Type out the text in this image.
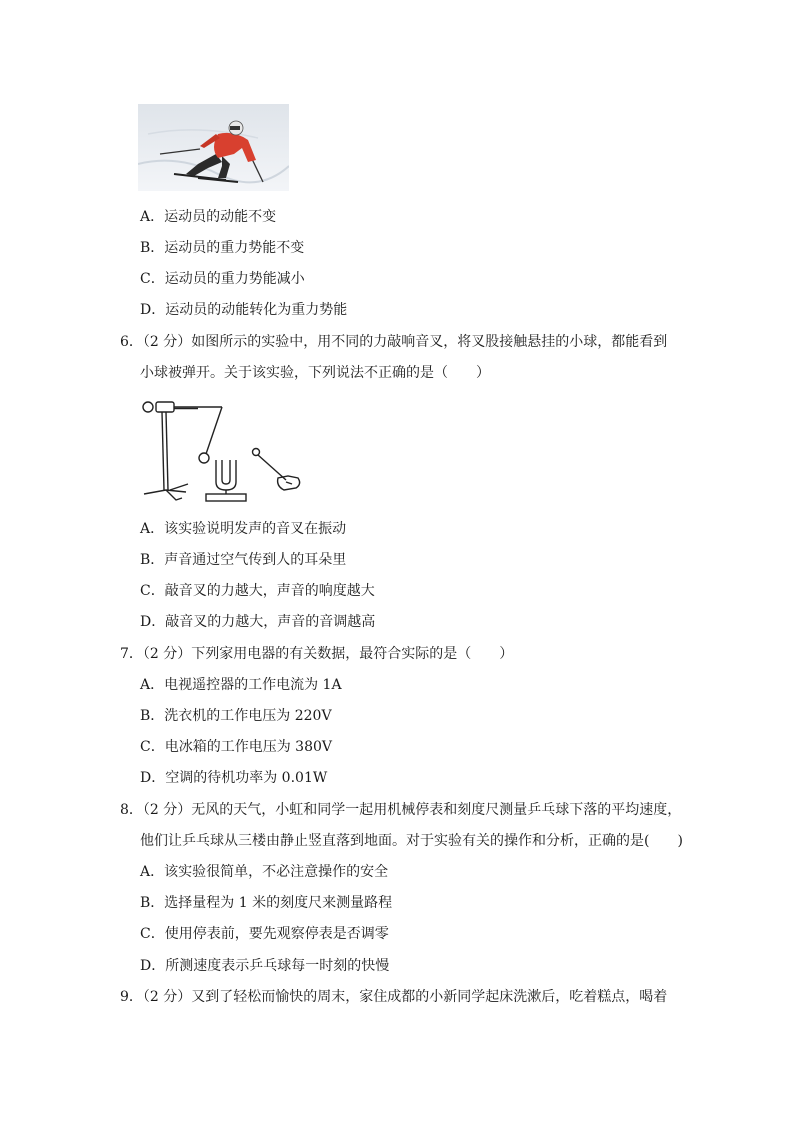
A．运动员的动能不变
B．运动员的重力势能不变
C．运动员的重力势能减小
D．运动员的动能转化为重力势能
6．（2 分）如图所示的实验中，用不同的力敲响音叉，将叉股接触悬挂的小球，都能看到
小球被弹开。关于该实验，下列说法不正确的是（　　）
A．该实验说明发声的音叉在振动
B．声音通过空气传到人的耳朵里
C．敲音叉的力越大，声音的响度越大
D．敲音叉的力越大，声音的音调越高
7．（2 分）下列家用电器的有关数据，最符合实际的是（　　）
A．电视遥控器的工作电流为 1A
B．洗衣机的工作电压为 220V
C．电冰箱的工作电压为 380V
D．空调的待机功率为 0.01W
8．（2 分）无风的天气，小虹和同学一起用机械停表和刻度尺测量乒乓球下落的平均速度，
他们让乒乓球从三楼由静止竖直落到地面。对于实验有关的操作和分析，正确的是(　　)
A．该实验很简单，不必注意操作的安全
B．选择量程为 1 米的刻度尺来测量路程
C．使用停表前，要先观察停表是否调零
D．所测速度表示乒乓球每一时刻的快慢
9．（2 分）又到了轻松而愉快的周末，家住成都的小新同学起床洗漱后，吃着糕点，喝着
